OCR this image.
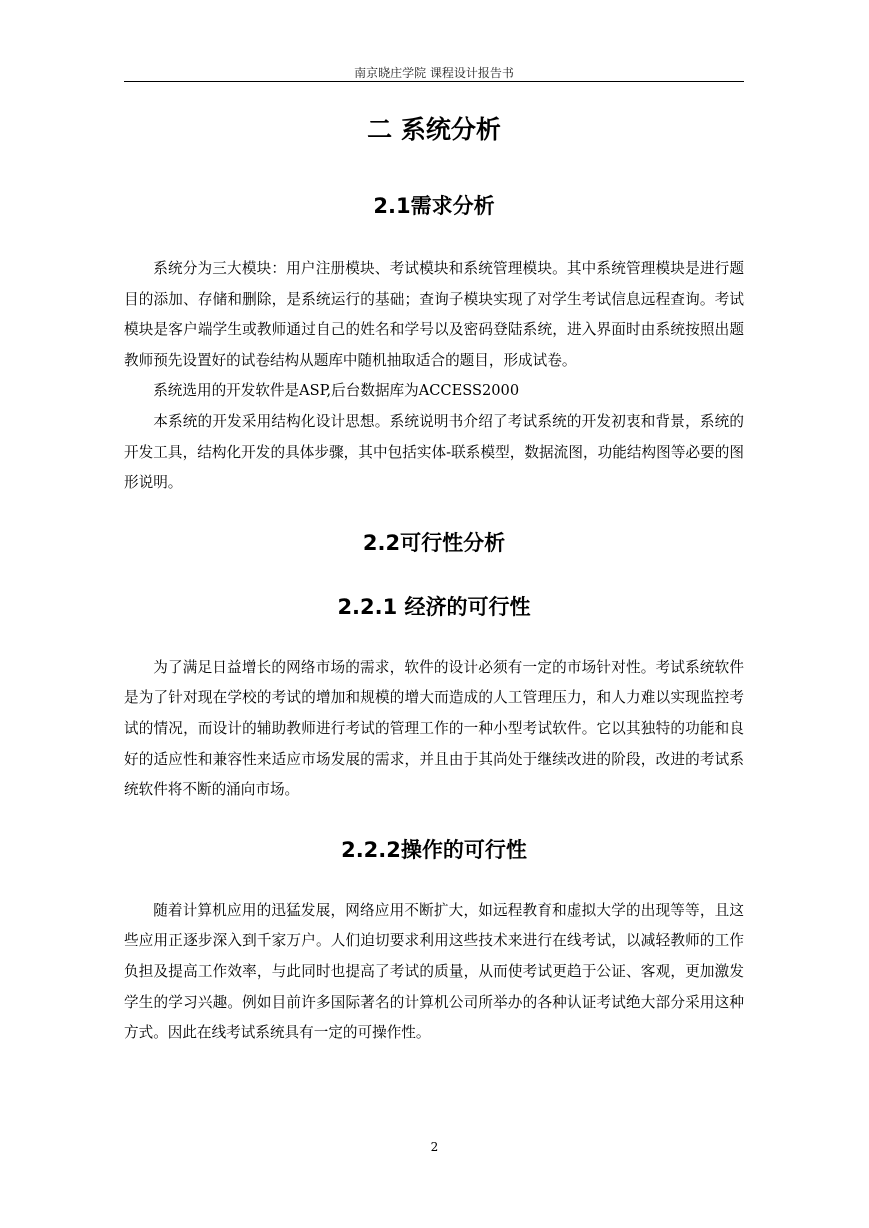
南京晓庄学院 课程设计报告书
二 系统分析
2.1需求分析

系统分为三大模块：用户注册模块、考试模块和系统管理模块。其中系统管理模块是进行题目的添加、存储和删除，是系统运行的基础；查询子模块实现了对学生考试信息远程查询。考试模块是客户端学生或教师通过自己的姓名和学号以及密码登陆系统，进入界面时由系统按照出题教师预先设置好的试卷结构从题库中随机抽取适合的题目，形成试卷。

系统选用的开发软件是ASP,后台数据库为ACCESS2000

本系统的开发采用结构化设计思想。系统说明书介绍了考试系统的开发初衷和背景，系统的开发工具，结构化开发的具体步骤，其中包括实体-联系模型，数据流图，功能结构图等必要的图形说明。

2.2可行性分析
2.2.1 经济的可行性

为了满足日益增长的网络市场的需求，软件的设计必须有一定的市场针对性。考试系统软件是为了针对现在学校的考试的增加和规模的增大而造成的人工管理压力，和人力难以实现监控考试的情况，而设计的辅助教师进行考试的管理工作的一种小型考试软件。它以其独特的功能和良好的适应性和兼容性来适应市场发展的需求，并且由于其尚处于继续改进的阶段，改进的考试系统软件将不断的涌向市场。

2.2.2操作的可行性

随着计算机应用的迅猛发展，网络应用不断扩大，如远程教育和虚拟大学的出现等等，且这些应用正逐步深入到千家万户。人们迫切要求利用这些技术来进行在线考试，以减轻教师的工作负担及提高工作效率，与此同时也提高了考试的质量，从而使考试更趋于公证、客观，更加激发学生的学习兴趣。例如目前许多国际著名的计算机公司所举办的各种认证考试绝大部分采用这种方式。因此在线考试系统具有一定的可操作性。

2
